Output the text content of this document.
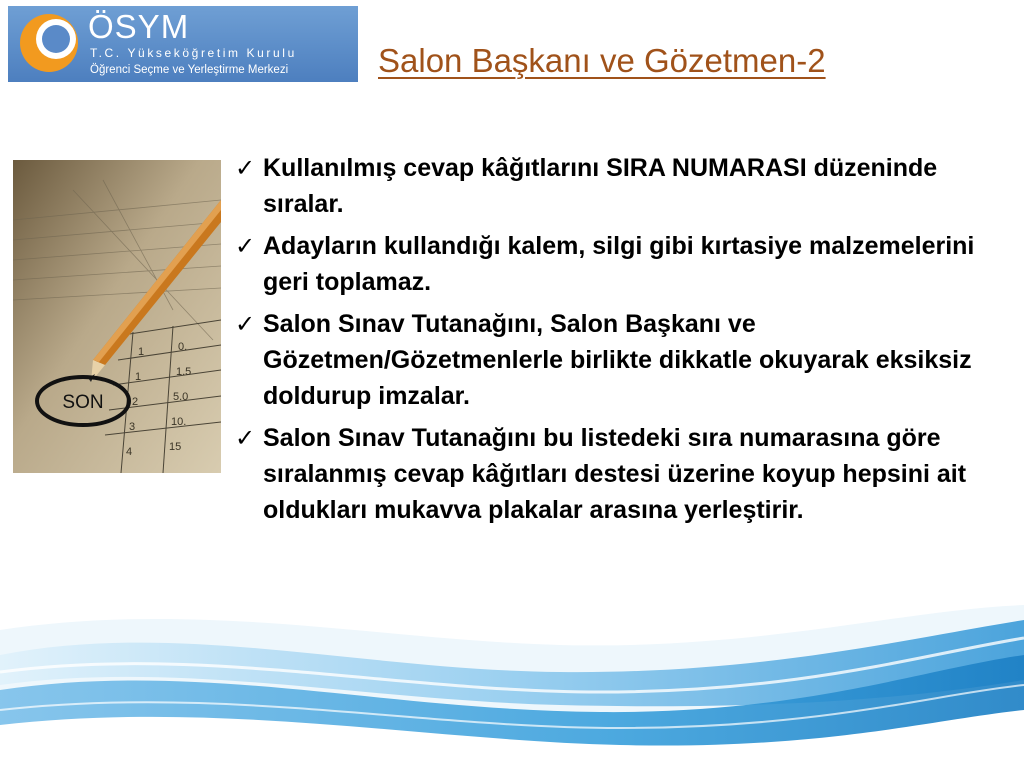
ÖSYM
T.C. Yükseköğretim Kurulu
Öğrenci Seçme ve Yerleştirme Merkezi	Salon Başkanı ve Gözetmen-2
1	0.
1	1.5
2	5.0
3	10.
4	15
SON
✓ Kullanılmış cevap kâğıtlarını SIRA NUMARASI düzeninde sıralar.
✓ Adayların kullandığı kalem, silgi gibi kırtasiye malzemelerini geri toplamaz.
✓ Salon Sınav Tutanağını, Salon Başkanı ve Gözetmen/Gözetmenlerle birlikte dikkatle okuyarak eksiksiz doldurup imzalar.
✓ Salon Sınav Tutanağını bu listedeki sıra numarasına göre sıralanmış cevap kâğıtları destesi üzerine koyup hepsini ait oldukları mukavva plakalar arasına yerleştirir.
